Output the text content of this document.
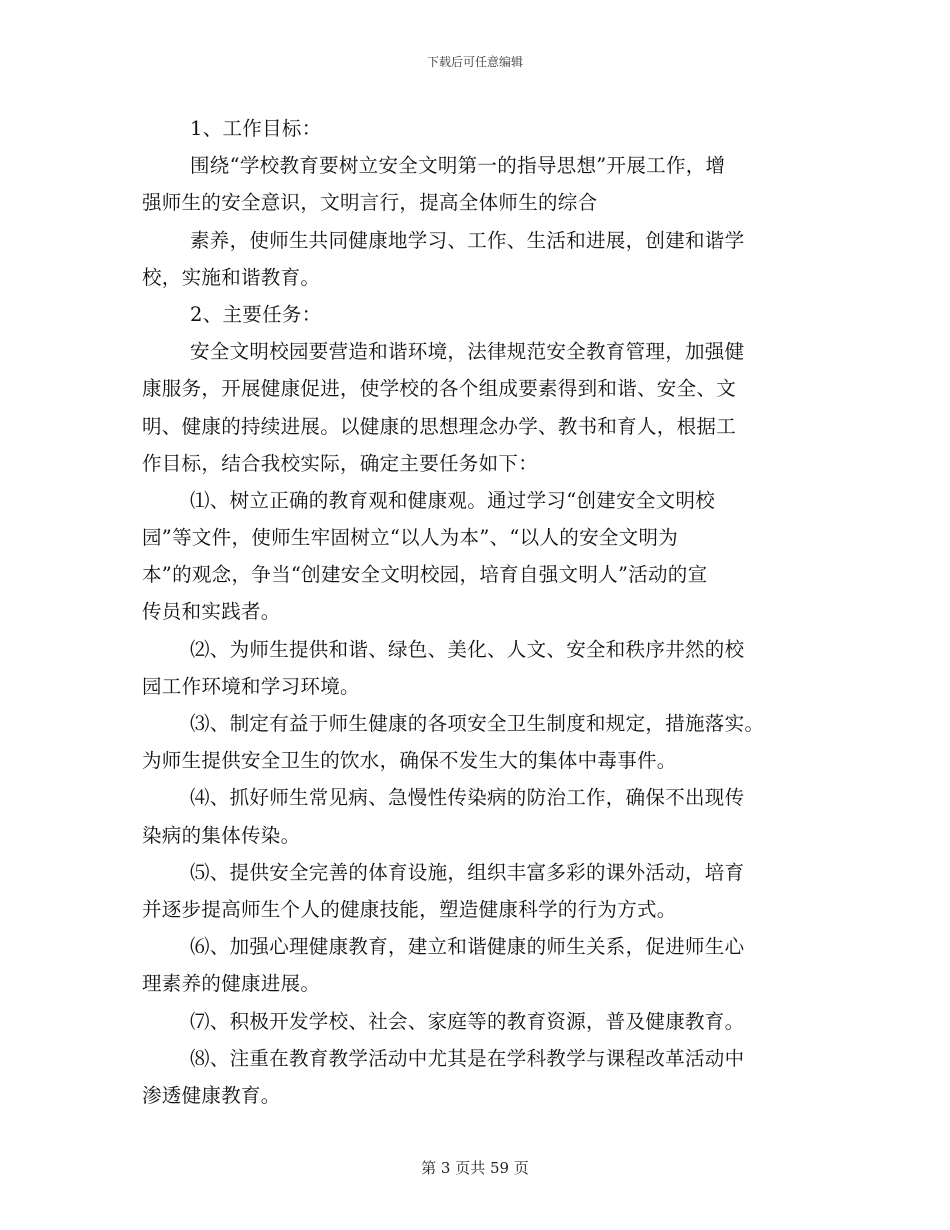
下载后可任意编辑
1、工作目标：
围绕“学校教育要树立安全文明第一的指导思想”开展工作，增
强师生的安全意识，文明言行，提高全体师生的综合
素养，使师生共同健康地学习、工作、生活和进展，创建和谐学
校，实施和谐教育。
2、主要任务：
安全文明校园要营造和谐环境，法律规范安全教育管理，加强健
康服务，开展健康促进，使学校的各个组成要素得到和谐、安全、文
明、健康的持续进展。以健康的思想理念办学、教书和育人，根据工
作目标，结合我校实际，确定主要任务如下：
⑴、树立正确的教育观和健康观。通过学习“创建安全文明校
园”等文件，使师生牢固树立“以人为本”、“以人的安全文明为
本”的观念，争当“创建安全文明校园，培育自强文明人”活动的宣
传员和实践者。
⑵、为师生提供和谐、绿色、美化、人文、安全和秩序井然的校
园工作环境和学习环境。
⑶、制定有益于师生健康的各项安全卫生制度和规定，措施落实。
为师生提供安全卫生的饮水，确保不发生大的集体中毒事件。
⑷、抓好师生常见病、急慢性传染病的防治工作，确保不出现传
染病的集体传染。
⑸、提供安全完善的体育设施，组织丰富多彩的课外活动，培育
并逐步提高师生个人的健康技能，塑造健康科学的行为方式。
⑹、加强心理健康教育，建立和谐健康的师生关系，促进师生心
理素养的健康进展。
⑺、积极开发学校、社会、家庭等的教育资源，普及健康教育。
⑻、注重在教育教学活动中尤其是在学科教学与课程改革活动中
渗透健康教育。
第 3 页共 59 页
